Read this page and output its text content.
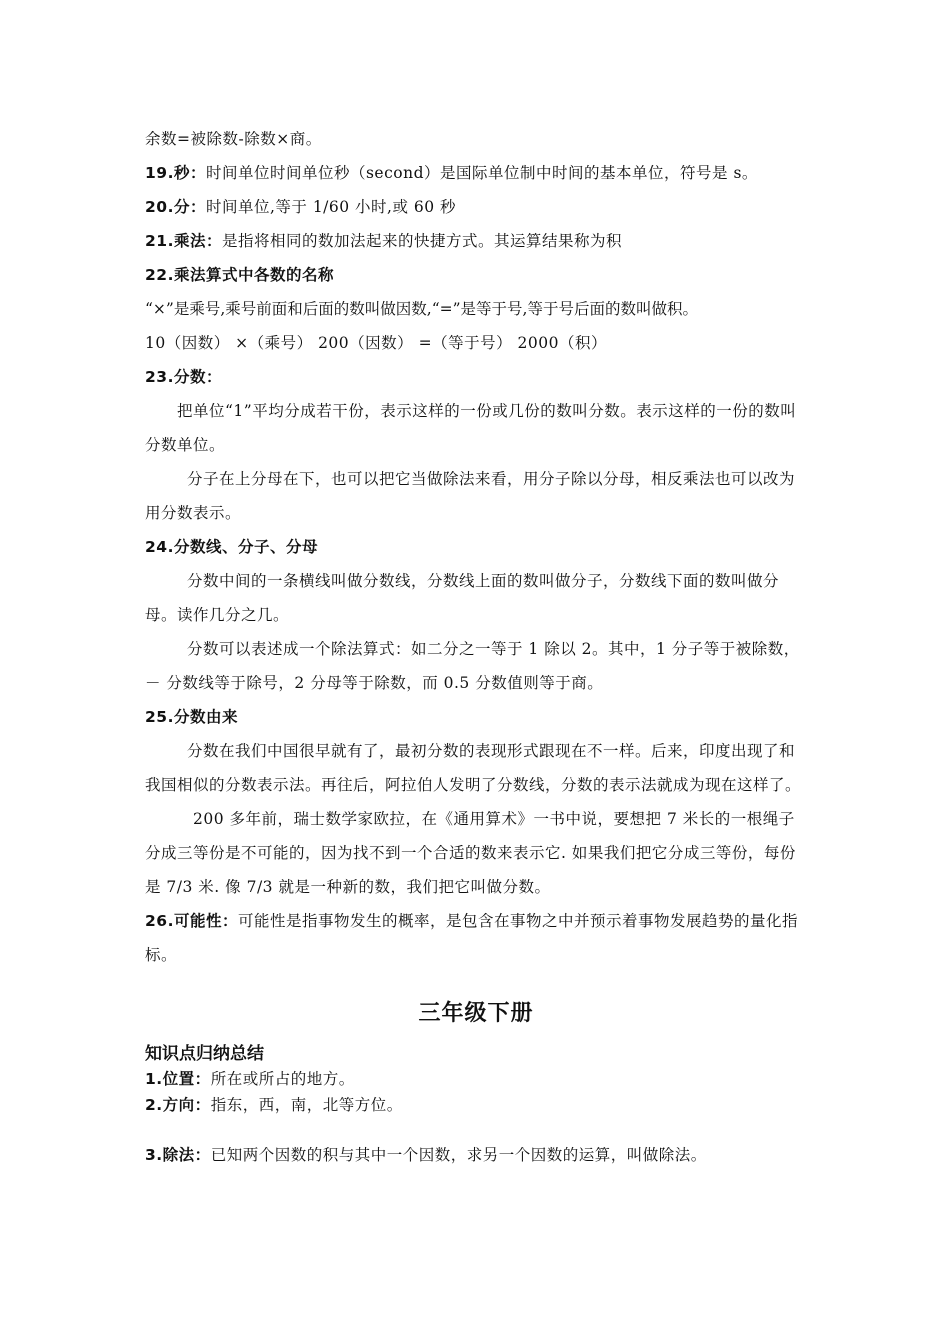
余数=被除数-除数×商。
19.秒：时间单位时间单位秒（second）是国际单位制中时间的基本单位，符号是 s。
20.分：时间单位,等于 1/60 小时,或 60 秒
21.乘法：是指将相同的数加法起来的快捷方式。其运算结果称为积
22.乘法算式中各数的名称
“×”是乘号,乘号前面和后面的数叫做因数,“=”是等于号,等于号后面的数叫做积。
10（因数） ×（乘号） 200（因数） =（等于号） 2000（积）
23.分数：
把单位“1”平均分成若干份，表示这样的一份或几份的数叫分数。表示这样的一份的数叫分数单位。
分子在上分母在下，也可以把它当做除法来看，用分子除以分母，相反乘法也可以改为用分数表示。
24.分数线、分子、分母
分数中间的一条横线叫做分数线，分数线上面的数叫做分子，分数线下面的数叫做分母。读作几分之几。
分数可以表述成一个除法算式：如二分之一等于 1 除以 2。其中，1 分子等于被除数，－ 分数线等于除号，2 分母等于除数，而 0.5 分数值则等于商。
25.分数由来
分数在我们中国很早就有了，最初分数的表现形式跟现在不一样。后来，印度出现了和我国相似的分数表示法。再往后，阿拉伯人发明了分数线，分数的表示法就成为现在这样了。
200 多年前，瑞士数学家欧拉，在《通用算术》一书中说，要想把 7 米长的一根绳子分成三等份是不可能的，因为找不到一个合适的数来表示它. 如果我们把它分成三等份，每份是 7/3 米. 像 7/3 就是一种新的数，我们把它叫做分数。
26.可能性：可能性是指事物发生的概率，是包含在事物之中并预示着事物发展趋势的量化指标。
三年级下册
知识点归纳总结
1.位置：所在或所占的地方。
2.方向：指东，西，南，北等方位。
3.除法：已知两个因数的积与其中一个因数，求另一个因数的运算，叫做除法。
